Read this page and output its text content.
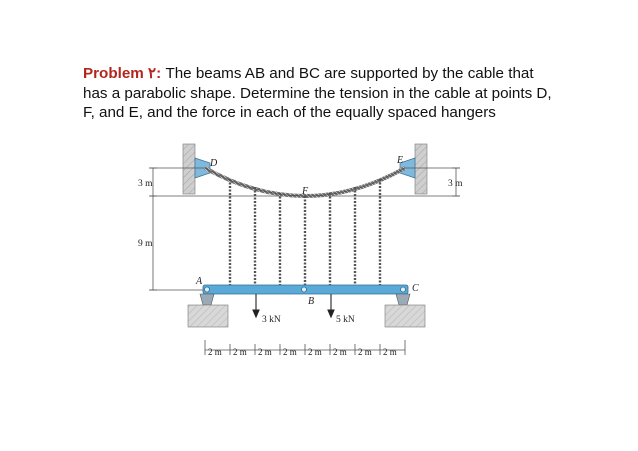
Problem ٢: The beams AB and BC are supported by the cable that has a parabolic shape. Determine the tension in the cable at points D, F, and E, and the force in each of the equally spaced hangers
D	E
F
A
B
C
3 m	3 m
9 m
3 kN	5 kN
2 m 2 m 2 m 2 m 2 m 2 m 2 m 2 m
